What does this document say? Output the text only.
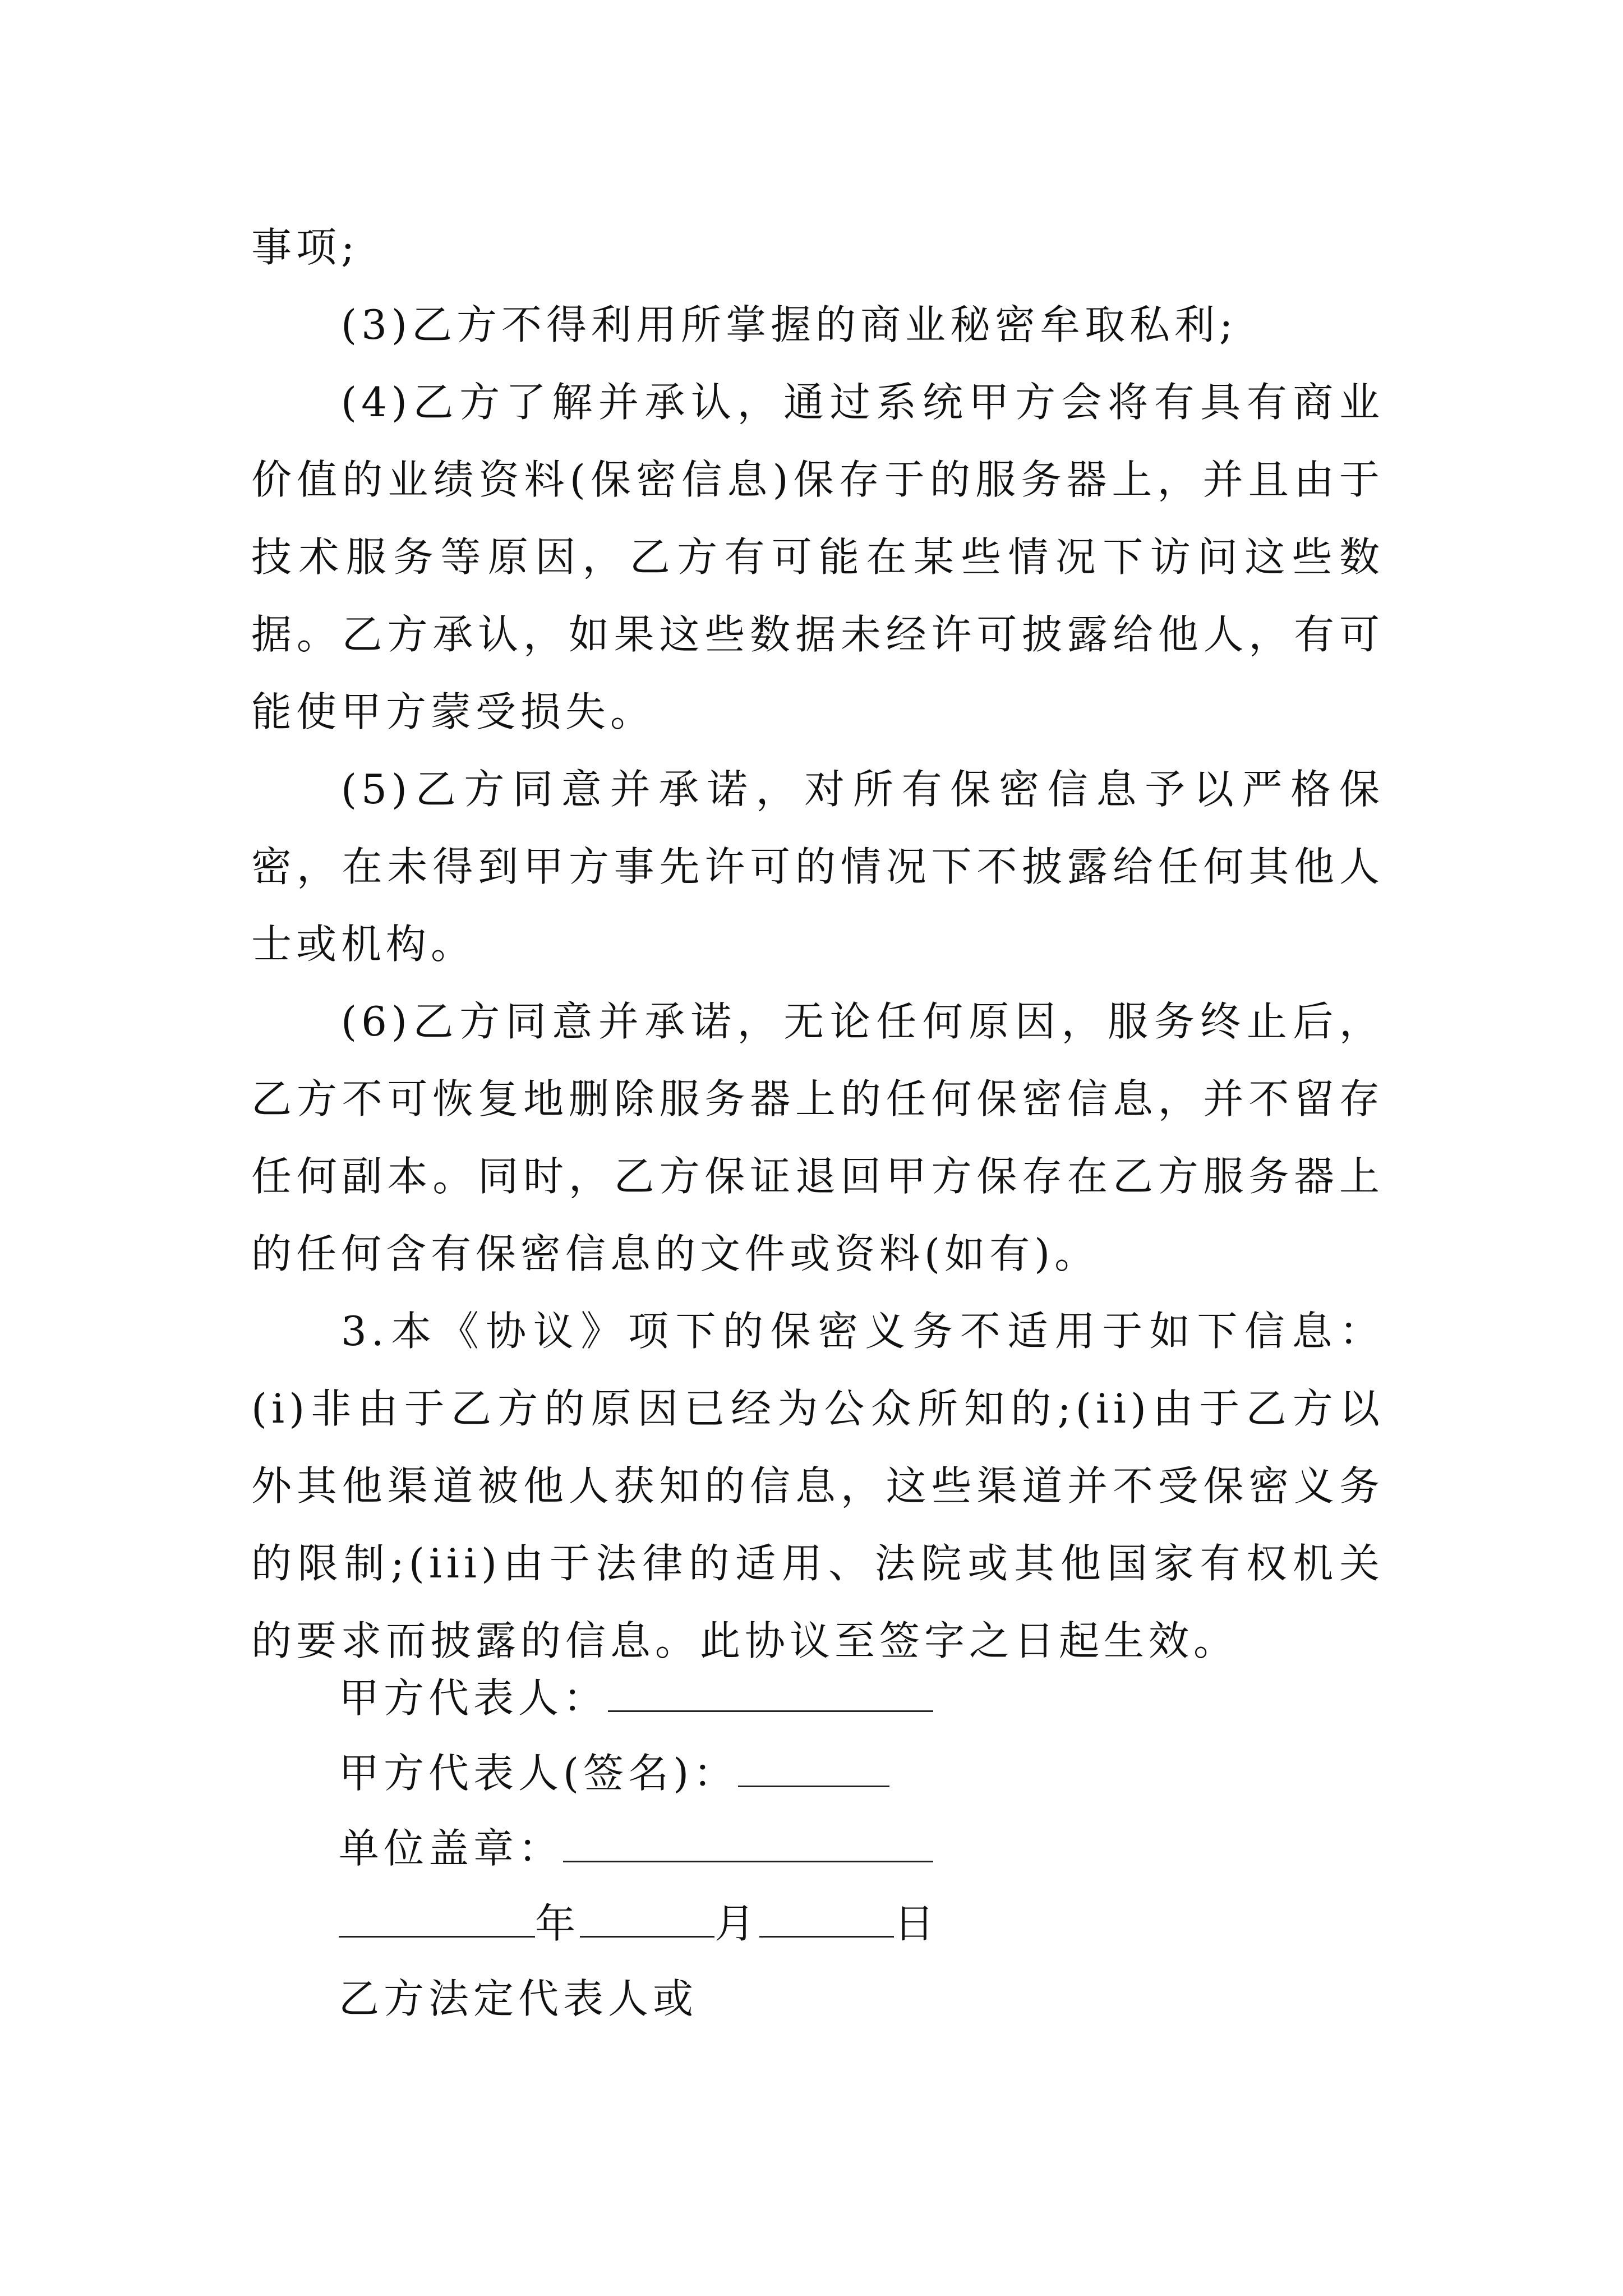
事项;

(3)乙方不得利用所掌握的商业秘密牟取私利;

(4)乙方了解并承认，通过系统甲方会将有具有商业价值的业绩资料(保密信息)保存于的服务器上，并且由于技术服务等原因，乙方有可能在某些情况下访问这些数据。乙方承认，如果这些数据未经许可披露给他人，有可能使甲方蒙受损失。

(5)乙方同意并承诺，对所有保密信息予以严格保密，在未得到甲方事先许可的情况下不披露给任何其他人士或机构。

(6)乙方同意并承诺，无论任何原因，服务终止后，乙方不可恢复地删除服务器上的任何保密信息，并不留存任何副本。同时，乙方保证退回甲方保存在乙方服务器上的任何含有保密信息的文件或资料(如有)。

3.本《协议》项下的保密义务不适用于如下信息：(i)非由于乙方的原因已经为公众所知的;(ii)由于乙方以外其他渠道被他人获知的信息，这些渠道并不受保密义务的限制;(iii)由于法律的适用、法院或其他国家有权机关的要求而披露的信息。此协议至签字之日起生效。

甲方代表人：
甲方代表人(签名)：
单位盖章：
年	月	日
乙方法定代表人或
